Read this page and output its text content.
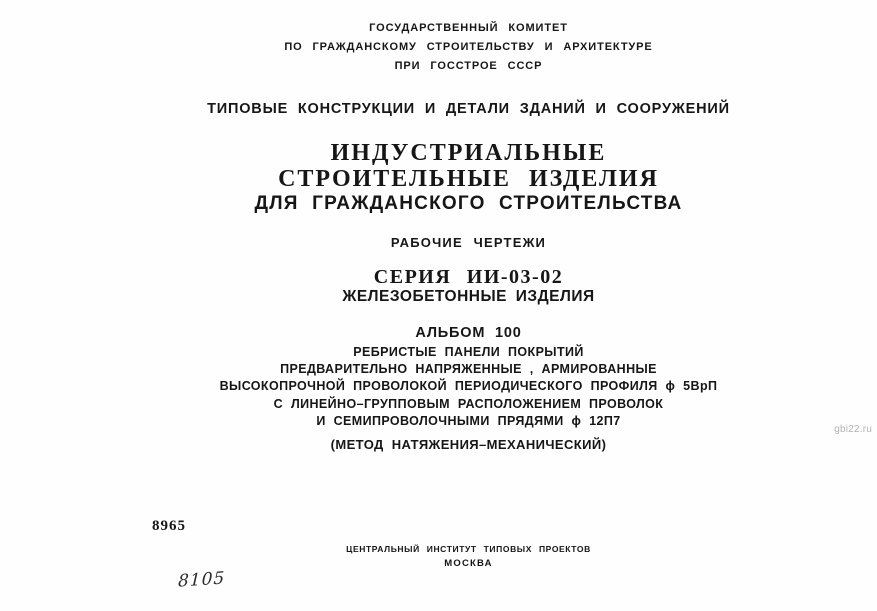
ГОСУДАРСТВЕННЫЙ КОМИТЕТ
ПО ГРАЖДАНСКОМУ СТРОИТЕЛЬСТВУ И АРХИТЕКТУРЕ
ПРИ ГОССТРОЕ СССР
ТИПОВЫЕ КОНСТРУКЦИИ И ДЕТАЛИ ЗДАНИЙ И СООРУЖЕНИЙ
ИНДУСТРИАЛЬНЫЕ
СТРОИТЕЛЬНЫЕ ИЗДЕЛИЯ
ДЛЯ ГРАЖДАНСКОГО СТРОИТЕЛЬСТВА
РАБОЧИЕ ЧЕРТЕЖИ
СЕРИЯ ИИ-03-02
ЖЕЛЕЗОБЕТОННЫЕ ИЗДЕЛИЯ
АЛЬБОМ 100
РЕБРИСТЫЕ ПАНЕЛИ ПОКРЫТИЙ
ПРЕДВАРИТЕЛЬНО НАПРЯЖЕННЫЕ , АРМИРОВАННЫЕ
ВЫСОКОПРОЧНОЙ ПРОВОЛОКОЙ ПЕРИОДИЧЕСКОГО ПРОФИЛЯ ϕ 5ВрП
С ЛИНЕЙНО–ГРУППОВЫМ РАСПОЛОЖЕНИЕМ ПРОВОЛОК
И СЕМИПРОВОЛОЧНЫМИ ПРЯДЯМИ ϕ 12П7
(МЕТОД НАТЯЖЕНИЯ–МЕХАНИЧЕСКИЙ)
ЦЕНТРАЛЬНЫЙ ИНСТИТУТ ТИПОВЫХ ПРОЕКТОВ
МОСКВА
8965
8105
gbi22.ru
